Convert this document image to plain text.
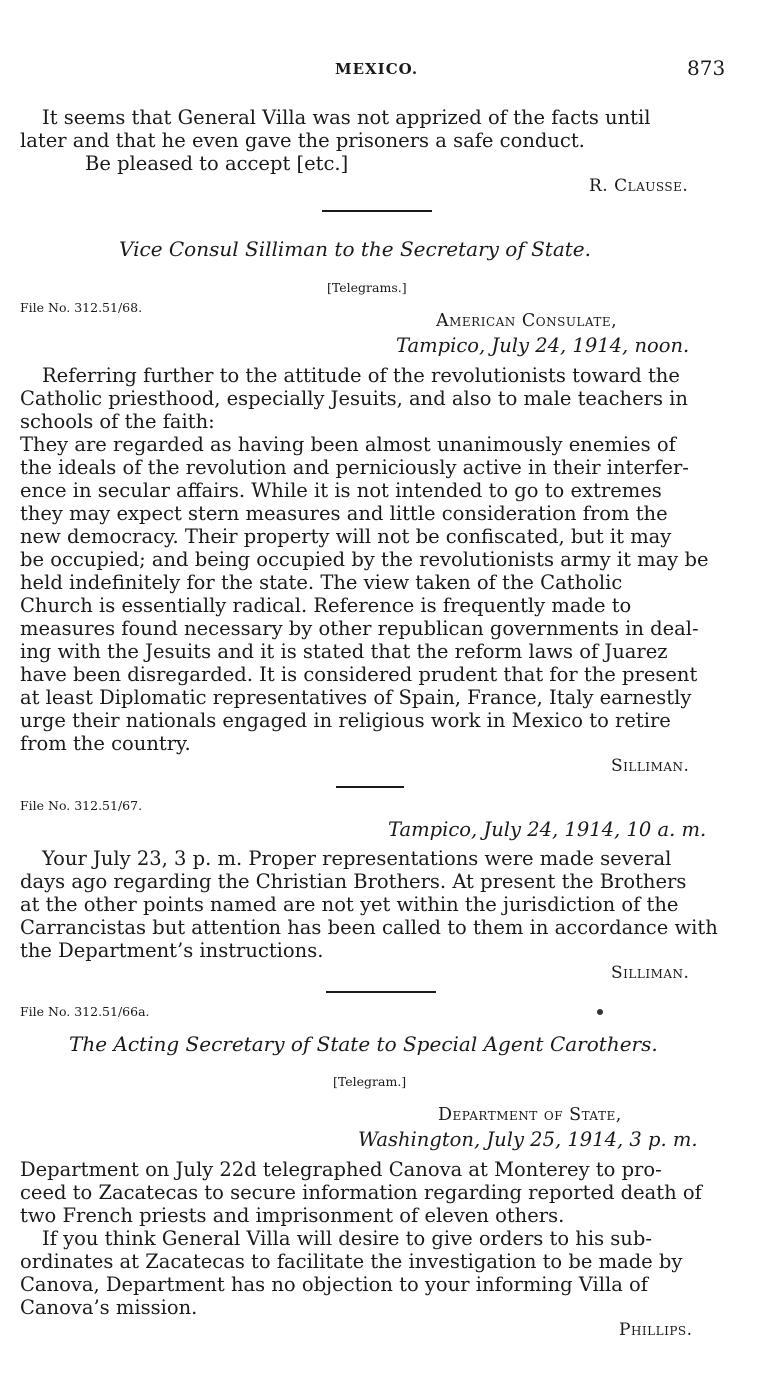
MEXICO.	873
It seems that General Villa was not apprized of the facts until
later and that he even gave the prisoners a safe conduct.
Be pleased to accept [etc.]
R. Clausse.
Vice Consul Silliman to the Secretary of State.
[Telegrams.]
File No. 312.51/68.
American Consulate,
Tampico, July 24, 1914, noon.
Referring further to the attitude of the revolutionists toward the
Catholic priesthood, especially Jesuits, and also to male teachers in
schools of the faith:
They are regarded as having been almost unanimously enemies of
the ideals of the revolution and perniciously active in their interfer-
ence in secular affairs. While it is not intended to go to extremes
they may expect stern measures and little consideration from the
new democracy. Their property will not be confiscated, but it may
be occupied; and being occupied by the revolutionists army it may be
held indefinitely for the state. The view taken of the Catholic
Church is essentially radical. Reference is frequently made to
measures found necessary by other republican governments in deal-
ing with the Jesuits and it is stated that the reform laws of Juarez
have been disregarded. It is considered prudent that for the present
at least Diplomatic representatives of Spain, France, Italy earnestly
urge their nationals engaged in religious work in Mexico to retire
from the country.
Silliman.
File No. 312.51/67.
Tampico, July 24, 1914, 10 a. m.
Your July 23, 3 p. m. Proper representations were made several
days ago regarding the Christian Brothers. At present the Brothers
at the other points named are not yet within the jurisdiction of the
Carrancistas but attention has been called to them in accordance with
the Department’s instructions.
Silliman.
File No. 312.51/66a.
The Acting Secretary of State to Special Agent Carothers.
[Telegram.]
Department of State,
Washington, July 25, 1914, 3 p. m.
Department on July 22d telegraphed Canova at Monterey to pro-
ceed to Zacatecas to secure information regarding reported death of
two French priests and imprisonment of eleven others.
If you think General Villa will desire to give orders to his sub-
ordinates at Zacatecas to facilitate the investigation to be made by
Canova, Department has no objection to your informing Villa of
Canova’s mission.
Phillips.
